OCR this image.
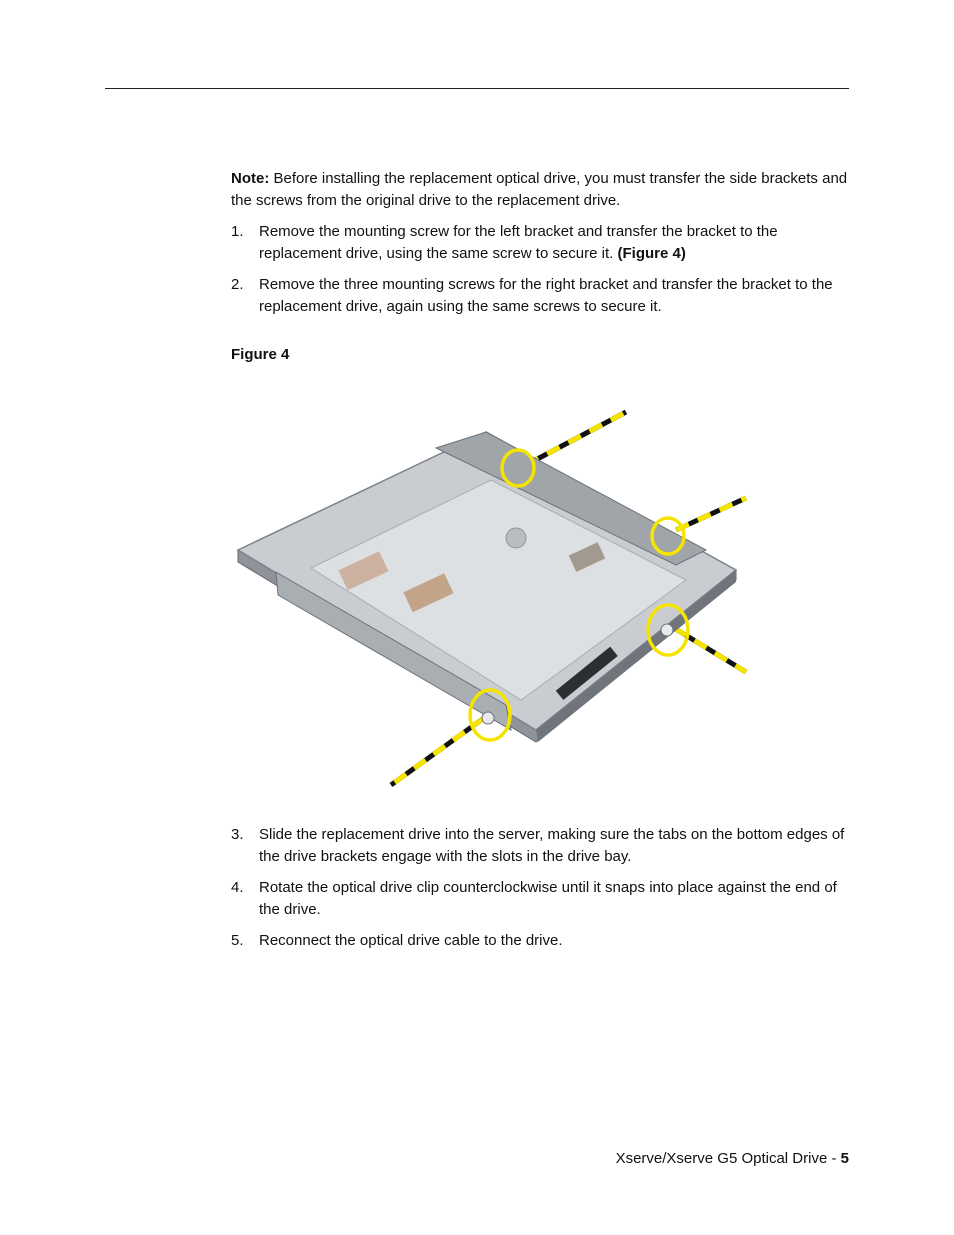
Note: Before installing the replacement optical drive, you must transfer the side brackets and the screws from the original drive to the replacement drive.

1. Remove the mounting screw for the left bracket and transfer the bracket to the replacement drive, using the same screw to secure it. (Figure 4)
2. Remove the three mounting screws for the right bracket and transfer the bracket to the replacement drive, again using the same screws to secure it.

Figure 4

3. Slide the replacement drive into the server, making sure the tabs on the bottom edges of the drive brackets engage with the slots in the drive bay.
4. Rotate the optical drive clip counterclockwise until it snaps into place against the end of the drive.
5. Reconnect the optical drive cable to the drive.
Xserve/Xserve G5 Optical Drive - 5
